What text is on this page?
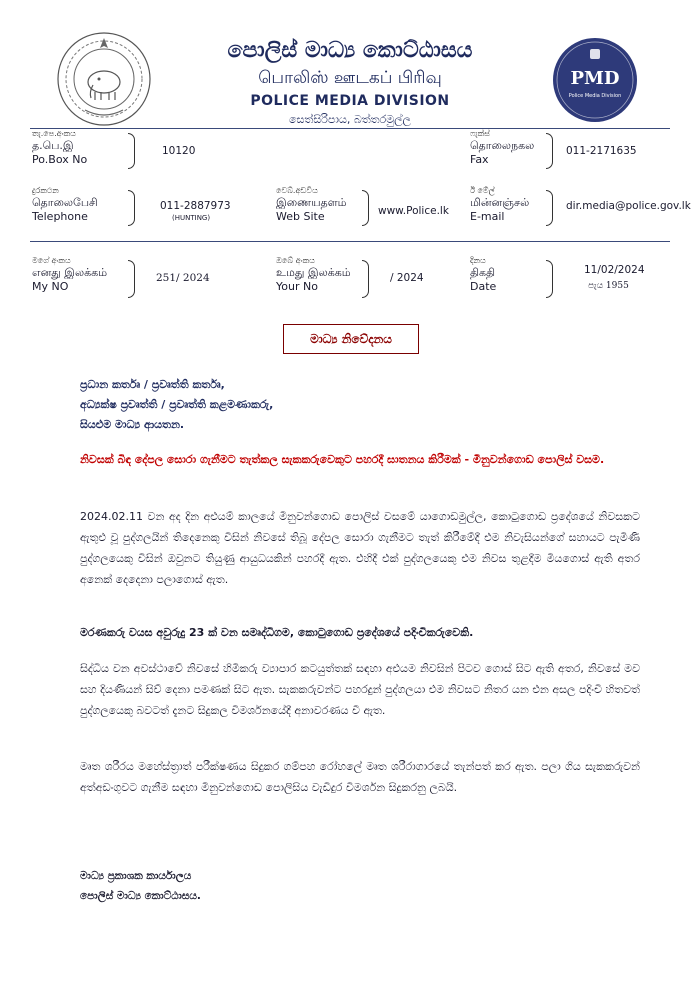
පොලිස් මාධ්‍ය කොට්ඨාසය
பொலிஸ் ஊடகப் பிரிவு
POLICE MEDIA DIVISION
සෙත්සිරිපාය, බත්තරමුල්ල
PMD
Police Media Division
තැ.පෙ.අංකය
த.பெ.இ
Po.Box No
10120
ෆැක්ස්
தொலைநகல
Fax
011-2171635
දුරකථන
தொலைபேசி
Telephone
011-2887973
(HUNTING)
වෙබ්.අඩවිය
இணையதளம்
Web Site	www.Police.lk
ඊ මේල්
மின்னஞ்சல்
E-mail
dir.media@police.gov.lk
මගේ අංකය
எனது இலக்கம்
My NO
251/ 2024
ඔබේ අංකය
உமது இலக்கம்
Your No
/ 2024
දිනය
திகதி
Date
11/02/2024
පැය 1955
මාධ්‍ය නිවේදනය
ප්‍රධාන කර්තෘ / ප්‍රවෘත්ති කර්තෘ,
අධ්‍යක්ෂ ප්‍රවෘත්ති / ප්‍රවෘත්ති කළමණාකරු,
සියළුම මාධ්‍ය ආයතන.
නිවසක් බිඳ දේපල සොරා ගැනීමට තැත්කල සැකකරුවෙකුට පහරදී ඝාතනය කිරීමක් - මීනුවන්ගොඩ පොලිස් වසම.
2024.02.11 වන අද දින අළුයම් කාලයේ මීනුවන්ගොඩ පොලිස් වසමේ යාගොඩමුල්ල, කොටුගොඩ ප්‍රදේශයේ නිවසකට ඇතුළු වූ පුද්ගලයින් තිදෙනෙකු විසින් නිවසේ තිබූ දේපල සොරා ගැනීමට තැත් කිරීමේදී එම නිවැසියන්ගේ සහායට පැමිණි පුද්ගලයෙකු විසින් ඔවුනට තියුණු ආයුධයකින් පහරදී ඇත. එහිදී එක් පුද්ගලයෙකු එම නිවස තුළදීම මියගොස් ඇති අතර අනෙක් දෙදෙනා පලාගොස් ඇත.
මරණකරු වයස අවුරුදු 23 ක් වන සමෘද්ධිගම, කොටුගොඩ ප්‍රදේශයේ පදිංචිකරුවෙකි.
සිද්ධිය වන අවස්ථාවේ නිවසේ හිමිකරු ව්‍යාපාර කටයුත්තක් සඳහා අළුයම නිවසින් පිටව ගොස් සිට ඇති අතර, නිවසේ මව සහ දියණියන් සිව් දෙනා පමණක් සිට ඇත. සැකකරුවන්ට පහරදුන් පුද්ගලයා එම නිවසට නිතර යන එන අසල පදිංචි හිතවත් පුද්ගලයෙකු බවටත් දැනට සිදුකල විමර්ශනයේදී අනාවරණය වී ඇත.
මෘත ශරීරය මහේස්ත්‍රාත් පරීක්ෂණය සිදුකර ගම්පහ රෝහලේ මෘත ශරීරාගාරයේ තැන්පත් කර ඇත. පලා ගිය සැකකරුවන් අත්අඩංගුවට ගැනීම සඳහා මීනුවන්ගොඩ පොලිසිය වැඩිදුර විමර්ශන සිදුකරනු ලබයි.
මාධ්‍ය ප්‍රකාශක කාර්යාලය
පොලිස් මාධ්‍ය කොට්ඨාසය.
